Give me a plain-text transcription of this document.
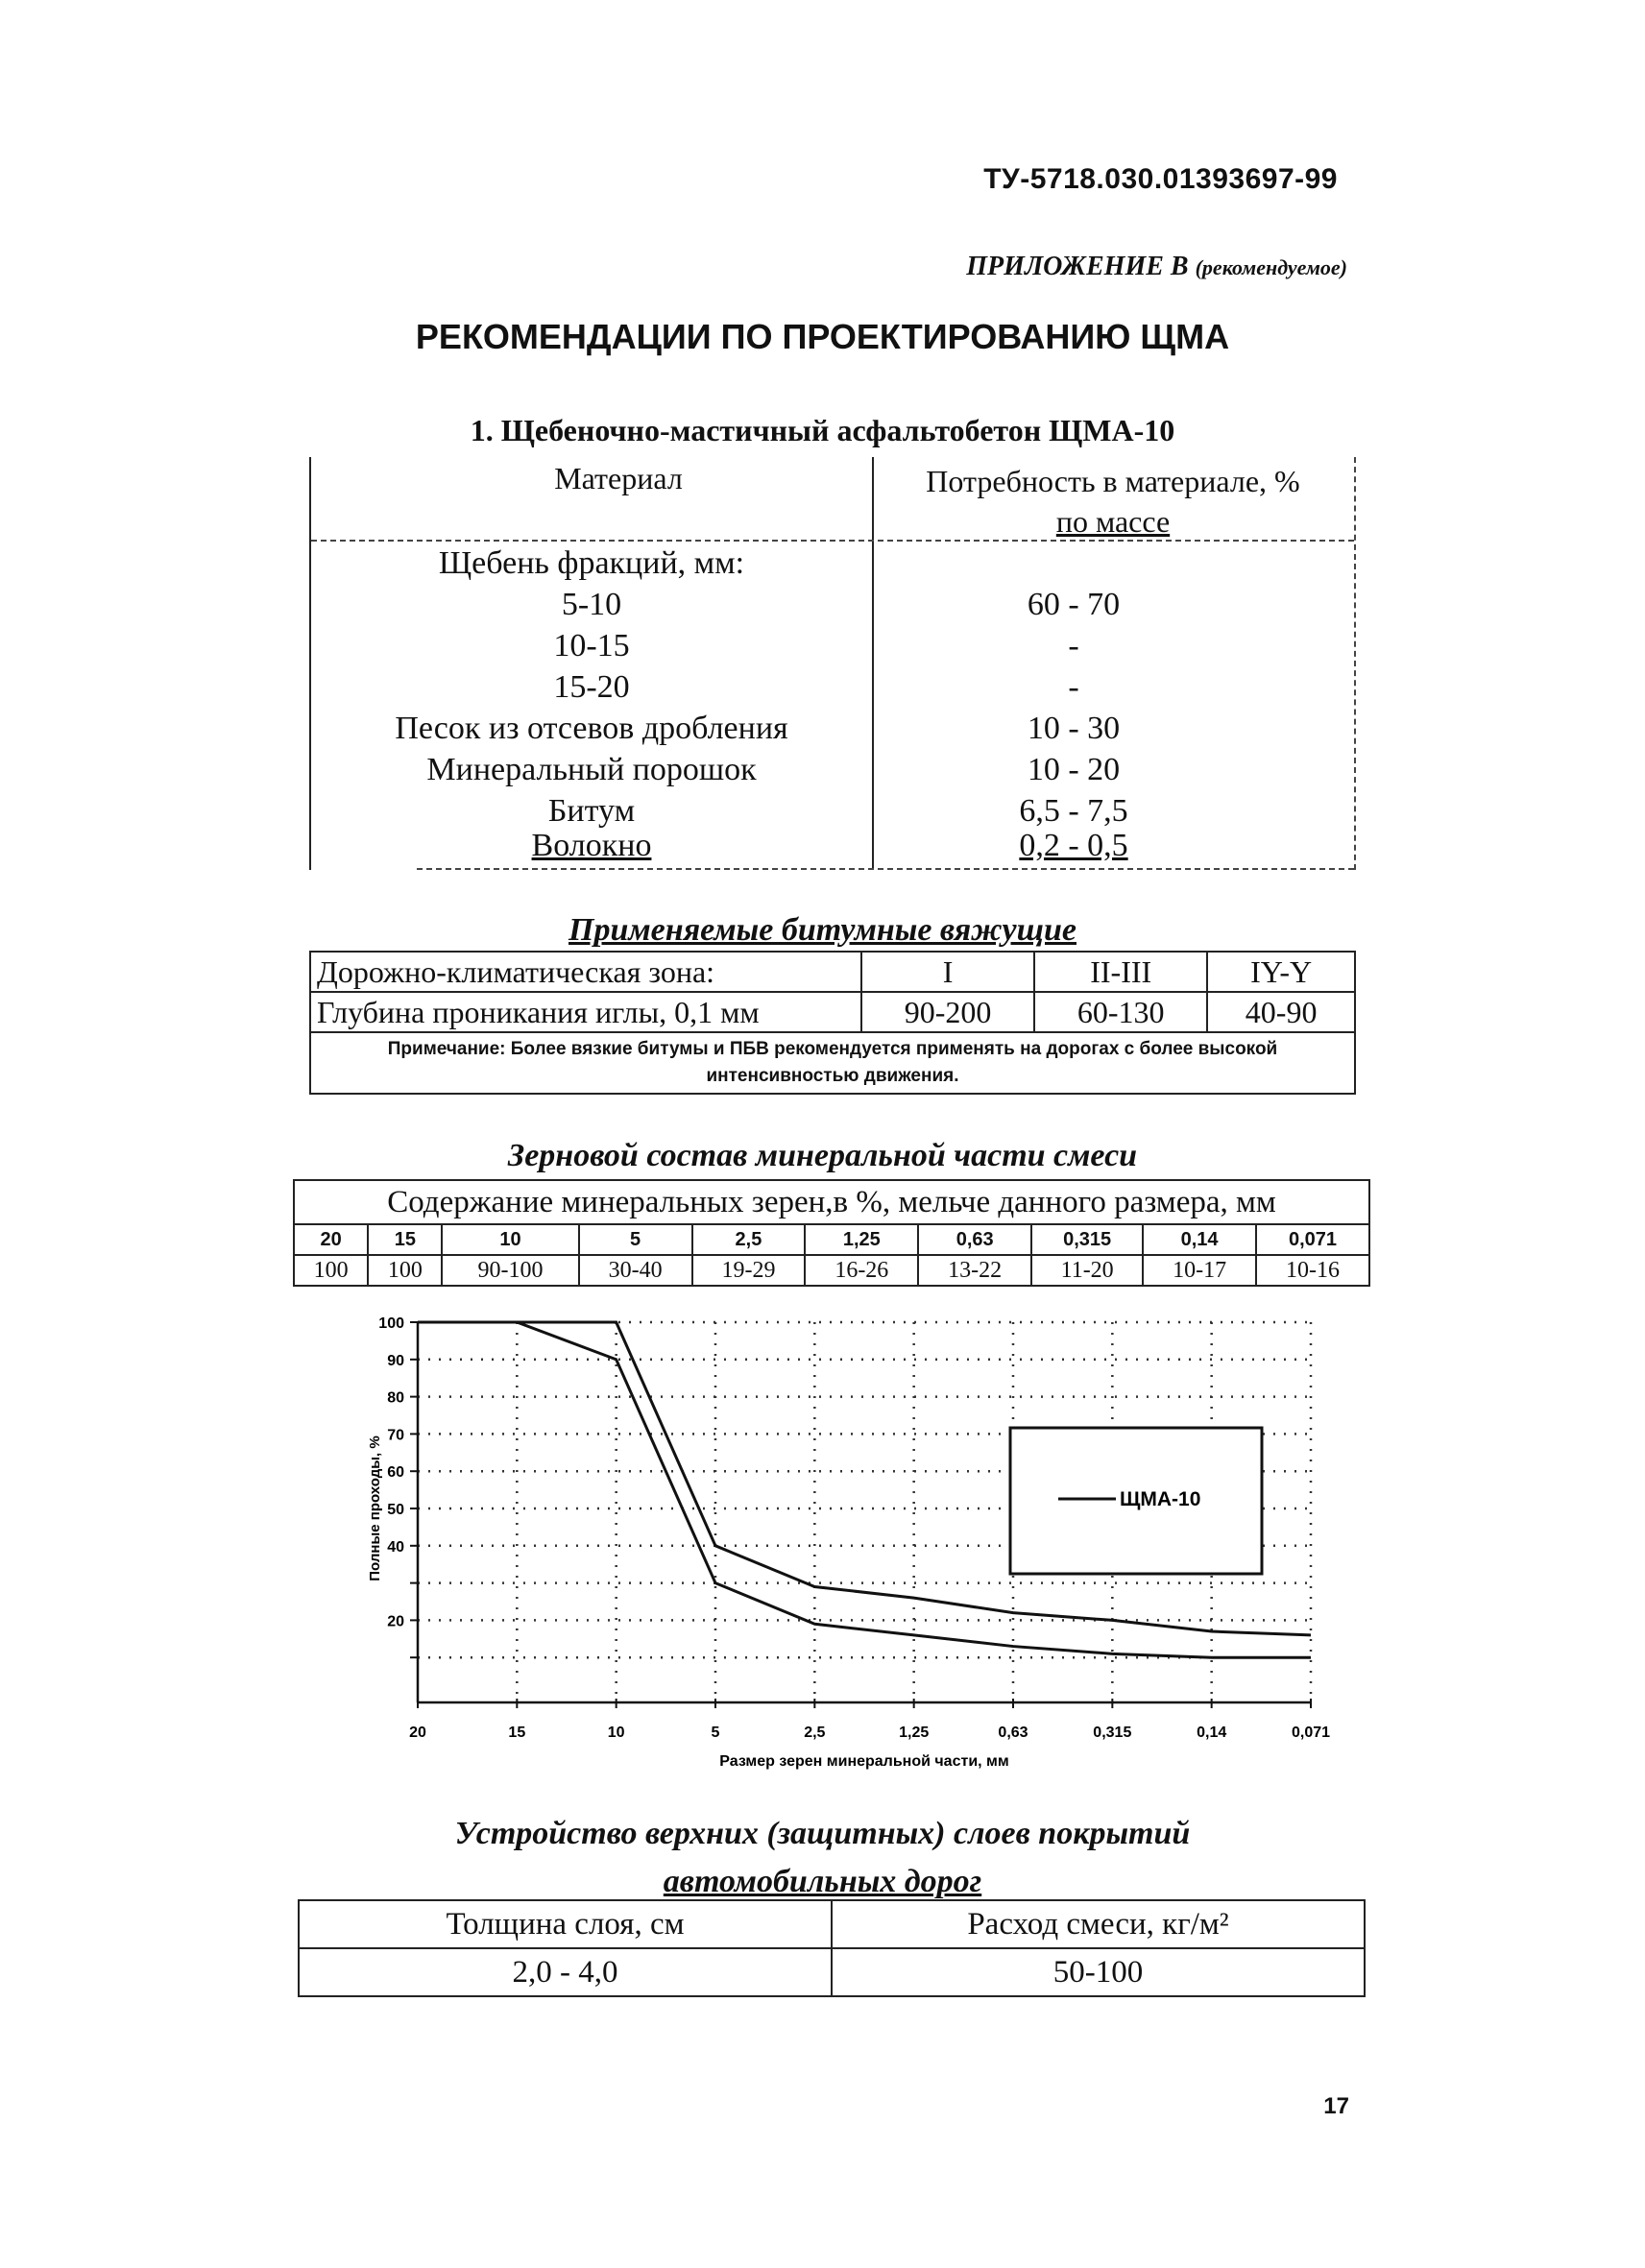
ТУ-5718.030.01393697-99
ПРИЛОЖЕНИЕ В (рекомендуемое)
РЕКОМЕНДАЦИИ ПО ПРОЕКТИРОВАНИЮ ЩМА
1. Щебеночно-мастичный асфальтобетон ЩМА-10
Материал	Потребность в материале, %
по массе
Щебень фракций, мм:
5-10	60 - 70
10-15	-
15-20	-
Песок из отсевов дробления	10 - 30
Минеральный порошок	10 - 20
Битум	6,5 - 7,5
Волокно	0,2 - 0,5
Применяемые битумные вяжущие
Дорожно-климатическая зона:	I	II-III	IY-Y
Глубина проникания иглы, 0,1 мм	90-200	60-130	40-90
Примечание: Более вязкие битумы и ПБВ рекомендуется применять на дорогах с более высокой интенсивностью движения.			
Зерновой состав минеральной части смеси
Содержание минеральных зерен,в %, мельче данного размера, мм									
20	15	10	5	2,5	1,25	0,63	0,315	0,14	0,071
100	100	90-100	30-40	19-29	16-26	13-22	11-20	10-17	10-16
100
90
80
70
60
50
40
20
20	15	10	5	2,5	1,25	0,63	0,315	0,14	0,071
ЩМА-10
Размер зерен минеральной части, мм
Полные проходы, %
Устройство верхних (защитных) слоев покрытий
автомобильных дорог
Толщина слоя, см	Расход смеси, кг/м²
2,0 - 4,0	50-100
17
